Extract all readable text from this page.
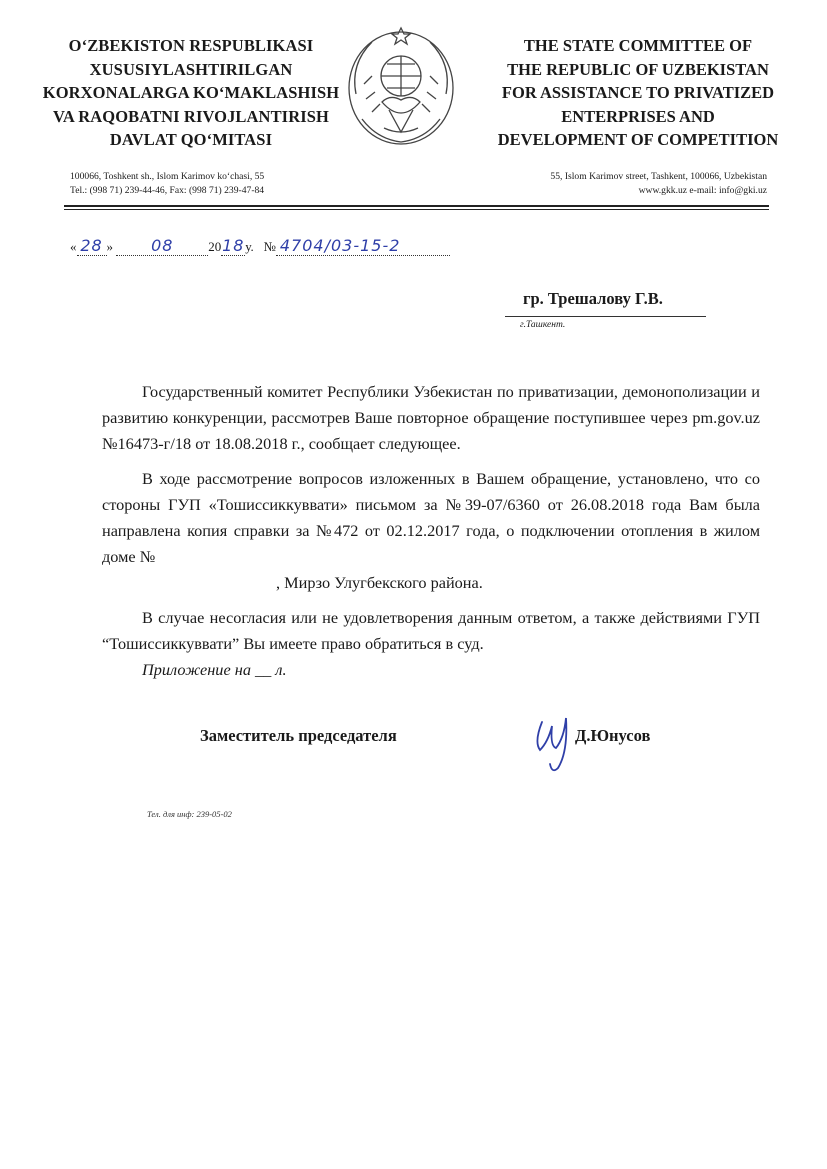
O‘ZBEKISTON RESPUBLIKASI
XUSUSIYLASHTIRILGAN
KORXONALARGA KO‘MAKLASHISH
VA RAQOBATNI RIVOJLANTIRISH
DAVLAT QO‘MITASI
THE STATE COMMITTEE OF
THE REPUBLIC OF UZBEKISTAN
FOR ASSISTANCE TO PRIVATIZED
ENTERPRISES AND
DEVELOPMENT OF COMPETITION
100066, Toshkent sh., Islom Karimov ko‘chasi, 55
Tel.: (998 71) 239-44-46, Fax: (998 71) 239-47-84
55, Islom Karimov street, Tashkent, 100066, Uzbekistan
www.gkk.uz e-mail: info@gki.uz
« 28 » 08	2018у. № 4704/03-15-2
гр. Трешалову Г.В.
г.Ташкент.

Государственный комитет Республики Узбекистан по приватизации, демонополизации и развитию конкуренции, рассмотрев Ваше повторное обращение поступившее через pm.gov.uz №16473-г/18 от 18.08.2018 г., сообщает следующее.

В ходе рассмотрение вопросов изложенных в Вашем обращение, установлено, что со стороны ГУП «Тошиссиккуввати» письмом за №39-07/6360 от 26.08.2018 года Вам была направлена копия справки за №472 от 02.12.2017 года, о подключении отопления в жилом доме №

, Мирзо Улугбекского района.

В случае несогласия или не удовлетворения данным ответом, а также действиями ГУП “Тошиссиккуввати” Вы имеете право обратиться в суд.

Приложение на __ л.

Заместитель председателя	Д.Юнусов
Тел. для инф: 239-05-02
